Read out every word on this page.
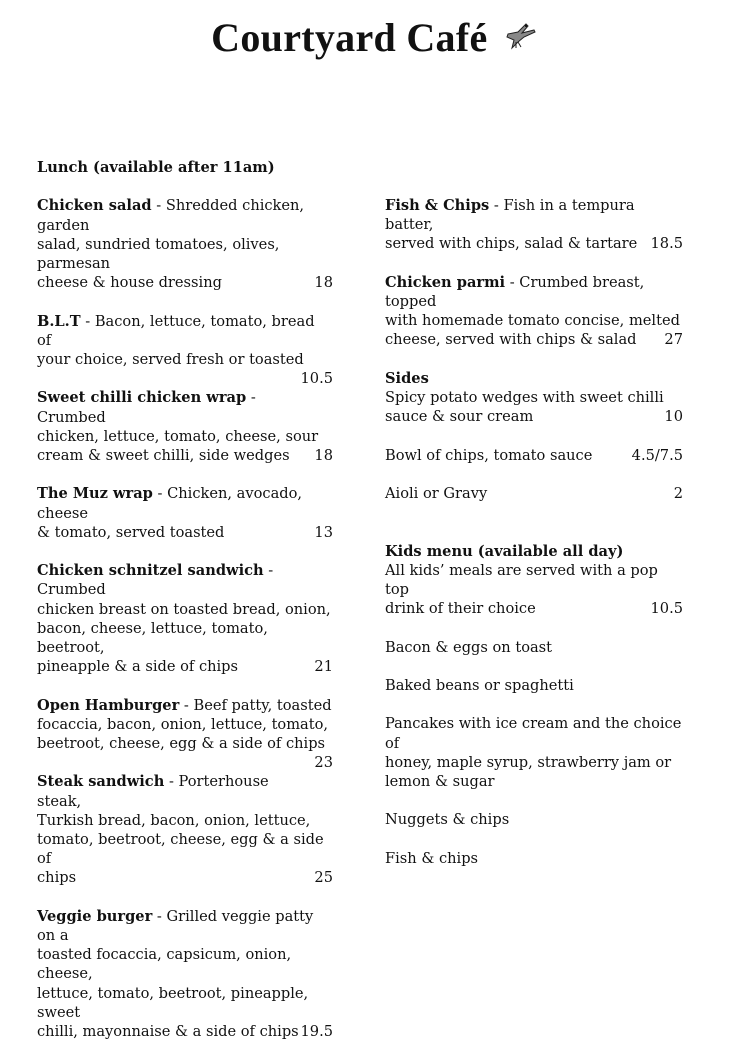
Courtyard Café
Lunch (available after 11am)
Chicken salad - Shredded chicken, garden
salad, sundried tomatoes, olives, parmesan
cheese & house dressing	18
B.L.T - Bacon, lettuce, tomato, bread of
your choice, served fresh or toasted
10.5
Sweet chilli chicken wrap - Crumbed
chicken, lettuce, tomato, cheese, sour
cream & sweet chilli, side wedges 18
The Muz wrap - Chicken, avocado, cheese
& tomato, served toasted	13
Chicken schnitzel sandwich - Crumbed
chicken breast on toasted bread, onion,
bacon, cheese, lettuce, tomato, beetroot,
pineapple & a side of chips	21
Open Hamburger - Beef patty, toasted
focaccia, bacon, onion, lettuce, tomato,
beetroot, cheese, egg & a side of chips
23
Steak sandwich - Porterhouse steak,
Turkish bread, bacon, onion, lettuce,
tomato, beetroot, cheese, egg & a side of
chips	25
Veggie burger - Grilled veggie patty on a
toasted focaccia, capsicum, onion, cheese,
lettuce, tomato, beetroot, pineapple, sweet
chilli, mayonnaise & a side of chips 19.5
Fish & Chips - Fish in a tempura batter,
served with chips, salad & tartare 18.5
Chicken parmi - Crumbed breast, topped
with homemade tomato concise, melted
cheese, served with chips & salad 27
Sides
Spicy potato wedges with sweet chilli
sauce & sour cream	10
Bowl of chips, tomato sauce	4.5/7.5
Aioli or Gravy	2
Kids menu (available all day)
All kids’ meals are served with a pop top
drink of their choice	10.5
Bacon & eggs on toast
Baked beans or spaghetti
Pancakes with ice cream and the choice of
honey, maple syrup, strawberry jam or
lemon & sugar
Nuggets & chips
Fish & chips
